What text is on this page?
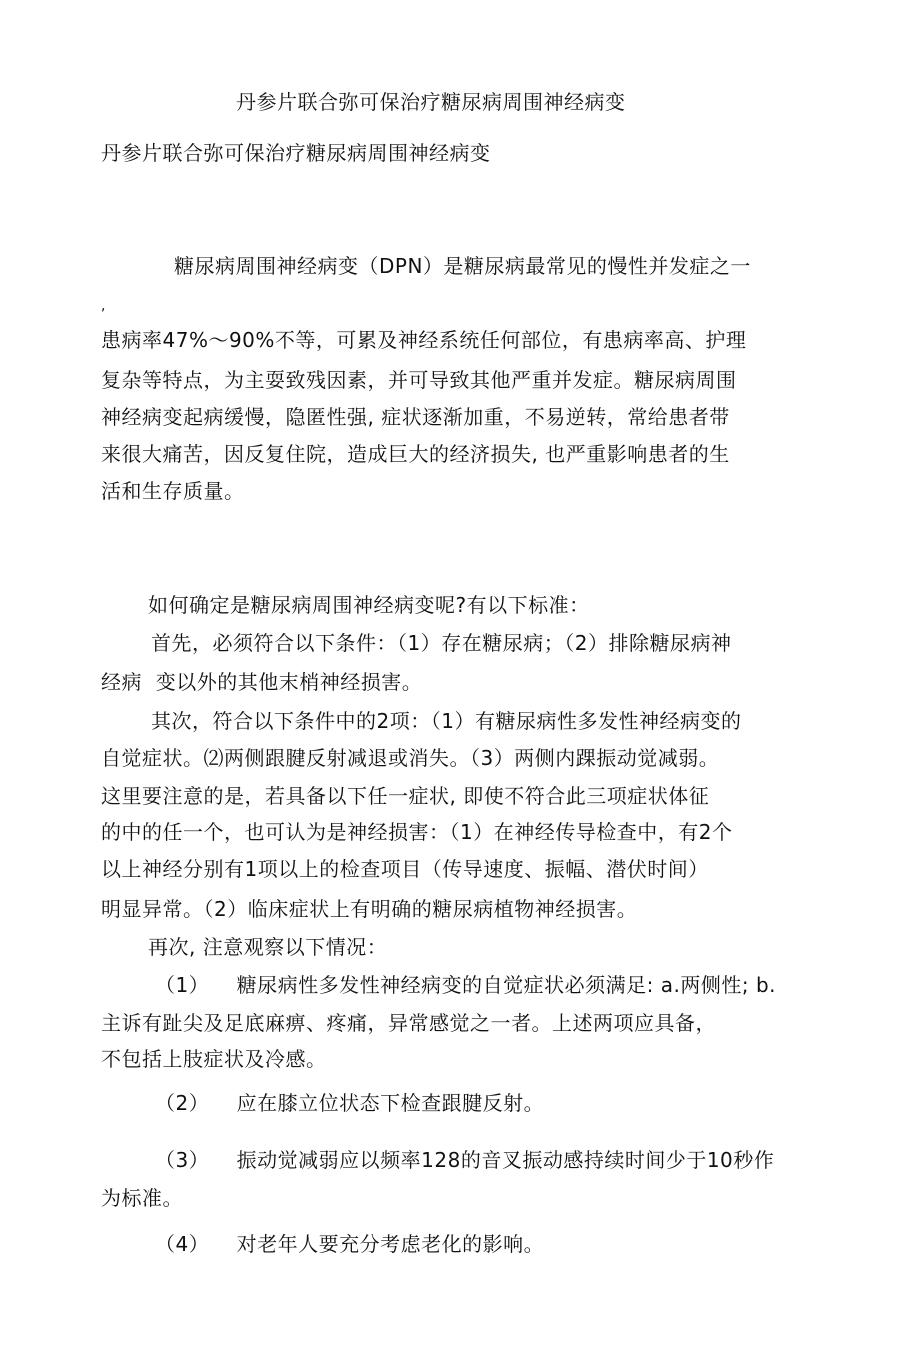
丹参片联合弥可保治疗糖尿病周围神经病变
丹参片联合弥可保治疗糖尿病周围神经病变
糖尿病周围神经病变（DPN）是糖尿病最常见的慢性并发症之一
,
患病率47%～90%不等，可累及神经系统任何部位，有患病率高、护理
复杂等特点，为主耍致残因素，并可导致其他严重并发症。糖尿病周围
神经病变起病缓慢，隐匿性强, 症状逐渐加重，不易逆转，常给患者带
来很大痛苦，因反复住院，造成巨大的经济损失, 也严重影响患者的生
活和生存质量。
如何确定是糖尿病周围神经病变呢?有以下标准：
首先，必须符合以下条件：（1）存在糖尿病；（2）排除糖尿病神
经病  变以外的其他末梢神经损害。
其次，符合以下条件中的2项：（1）有糖尿病性多发性神经病变的
自觉症状。⑵两侧跟腱反射减退或消失。（3）两侧内踝振动觉减弱。
这里要注意的是，若具备以下任一症状, 即使不符合此三项症状体征
的中的任一个，也可认为是神经损害：（1）在神经传导检查中，有2个
以上神经分别有1项以上的检查项目（传导速度、振幅、潜伏时间）
明显异常。（2）临床症状上有明确的糖尿病植物神经损害。
再次, 注意观察以下情况：
（1）    糖尿病性多发性神经病变的自觉症状必须满足: a.两侧性; b.
主诉有趾尖及足底麻痹、疼痛，异常感觉之一者。上述两项应具备，
不包括上肢症状及冷感。
（2）    应在膝立位状态下检查跟腱反射。
（3）    振动觉减弱应以频率128的音叉振动感持续时间少于10秒作
为标准。
（4）    对老年人要充分考虑老化的影响。
